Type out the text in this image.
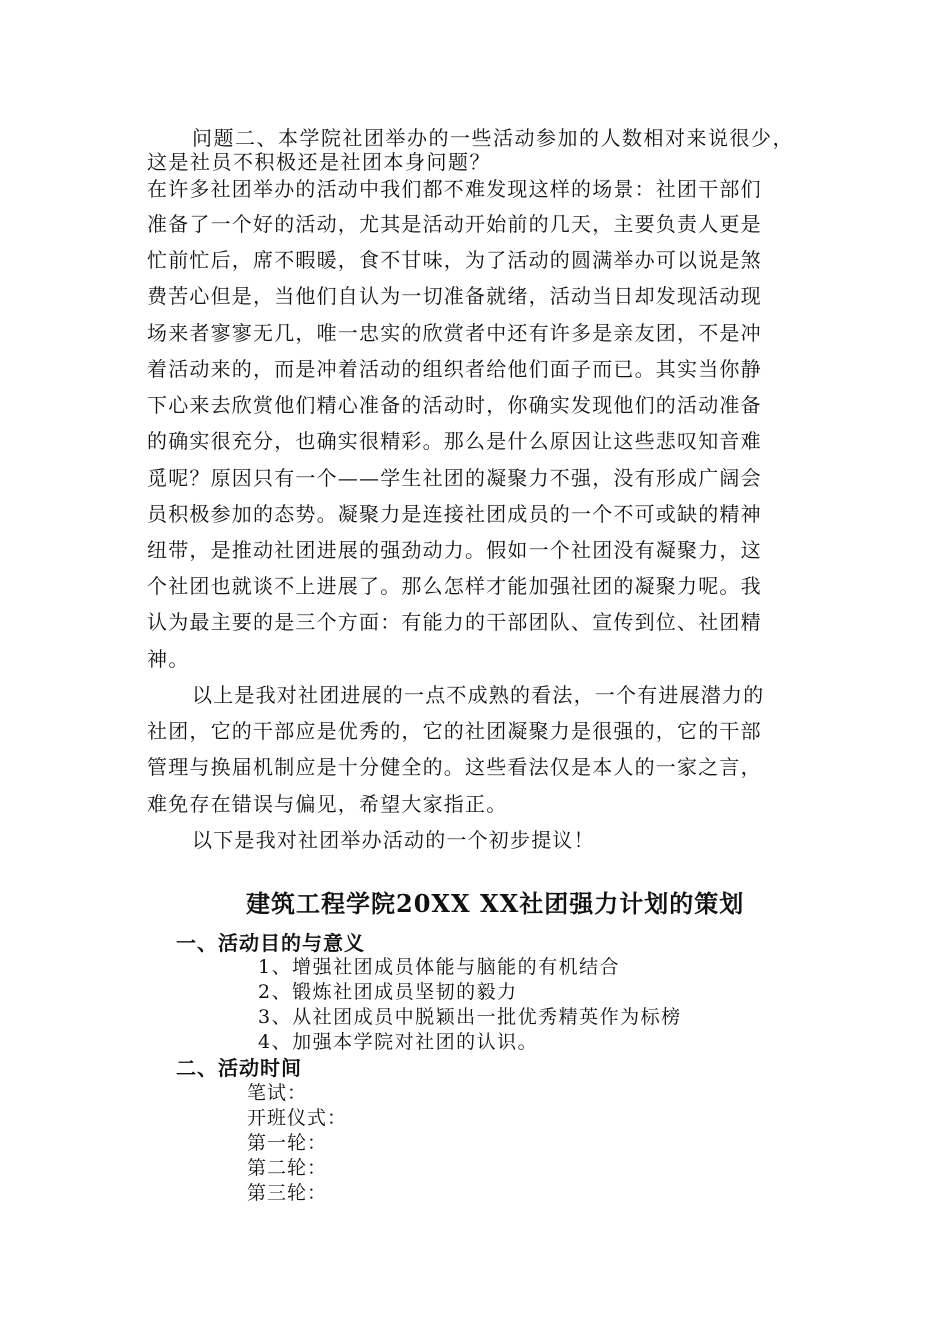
问题二、本学院社团举办的一些活动参加的人数相对来说很少，
这是社员不积极还是社团本身问题？
在许多社团举办的活动中我们都不难发现这样的场景：社团干部们
准备了一个好的活动，尤其是活动开始前的几天，主要负责人更是
忙前忙后，席不暇暖，食不甘味，为了活动的圆满举办可以说是煞
费苦心但是，当他们自认为一切准备就绪，活动当日却发现活动现
场来者寥寥无几，唯一忠实的欣赏者中还有许多是亲友团，不是冲
着活动来的，而是冲着活动的组织者给他们面子而已。其实当你静
下心来去欣赏他们精心准备的活动时，你确实发现他们的活动准备
的确实很充分，也确实很精彩。那么是什么原因让这些悲叹知音难
觅呢？原因只有一个——学生社团的凝聚力不强，没有形成广阔会
员积极参加的态势。凝聚力是连接社团成员的一个不可或缺的精神
纽带，是推动社团进展的强劲动力。假如一个社团没有凝聚力，这
个社团也就谈不上进展了。那么怎样才能加强社团的凝聚力呢。我
认为最主要的是三个方面：有能力的干部团队、宣传到位、社团精
神。
以上是我对社团进展的一点不成熟的看法，一个有进展潜力的
社团，它的干部应是优秀的，它的社团凝聚力是很强的，它的干部
管理与换届机制应是十分健全的。这些看法仅是本人的一家之言，
难免存在错误与偏见，希望大家指正。
以下是我对社团举办活动的一个初步提议！
建筑工程学院20XX XX社团强力计划的策划
一、活动目的与意义
1、增强社团成员体能与脑能的有机结合
2、锻炼社团成员坚韧的毅力
3、从社团成员中脱颖出一批优秀精英作为标榜
4、加强本学院对社团的认识。
二、活动时间
笔试：
开班仪式：
第一轮：
第二轮：
第三轮：
